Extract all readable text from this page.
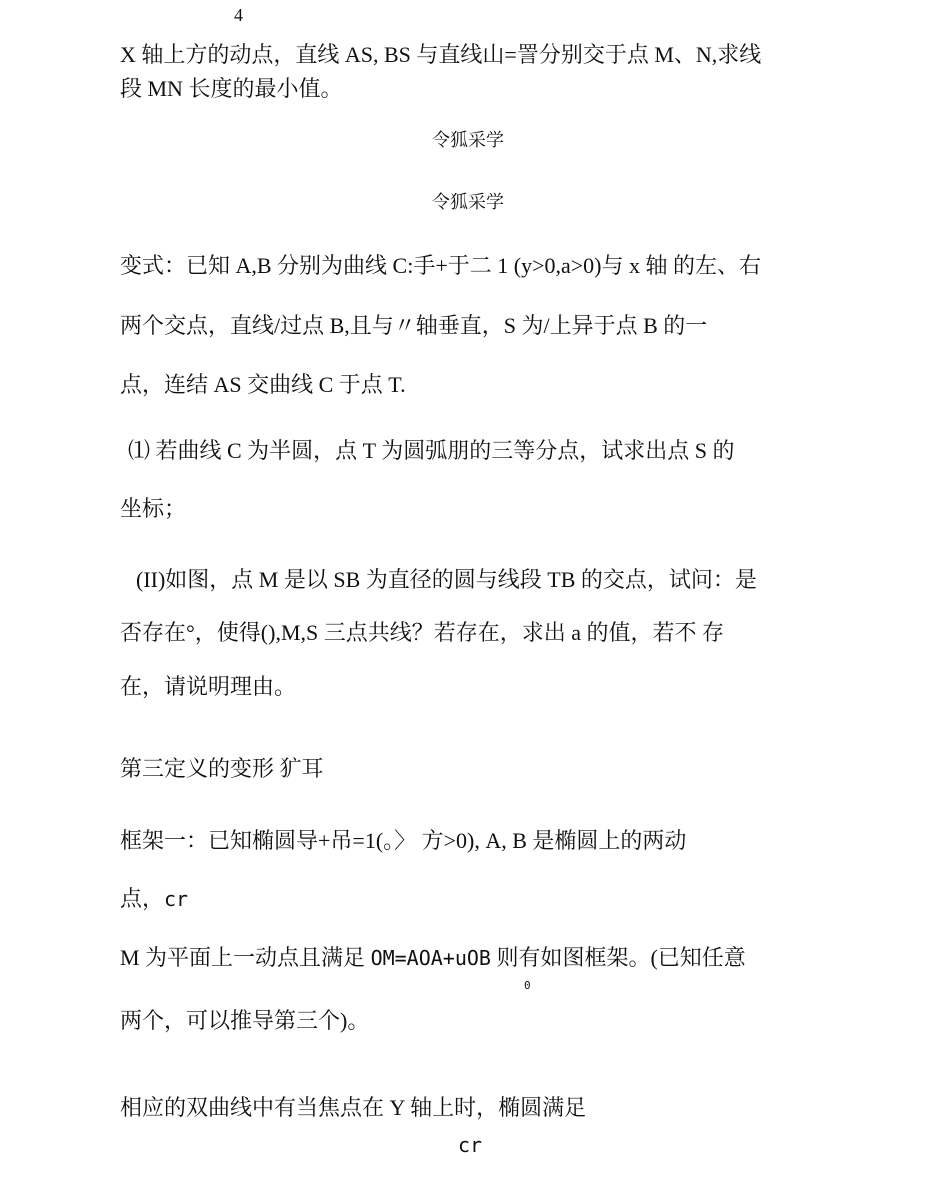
4
X 轴上方的动点，直线 AS, BS 与直线山=詈分别交于点 M、N,求线
段 MN 长度的最小值。
令狐采学
令狐采学
变式：已知 A,B 分别为曲线 C:手+于二 1 (y>0,a>0)与 x 轴 的左、右
两个交点，直线/过点 B,且与〃轴垂直，S 为/上异于点 B 的一
点，连结 AS 交曲线 C 于点 T.
⑴ 若曲线 C 为半圆，点 T 为圆弧朋的三等分点，试求出点 S 的
坐标；
(II)如图，点 M 是以 SB 为直径的圆与线段 TB 的交点，试问：是
否存在°，使得(),M,S 三点共线？若存在，求出 a 的值，若不 存
在，请说明理由。
第三定义的变形 犷耳
框架一：已知椭圆导+吊=1(。〉 方>0), A, B 是椭圆上的两动
点，cr
M 为平面上一动点且满足 OM=AOA+uOB 则有如图框架。(已知任意
0
两个，可以推导第三个)。
相应的双曲线中有当焦点在 Y 轴上时，椭圆满足
cr
